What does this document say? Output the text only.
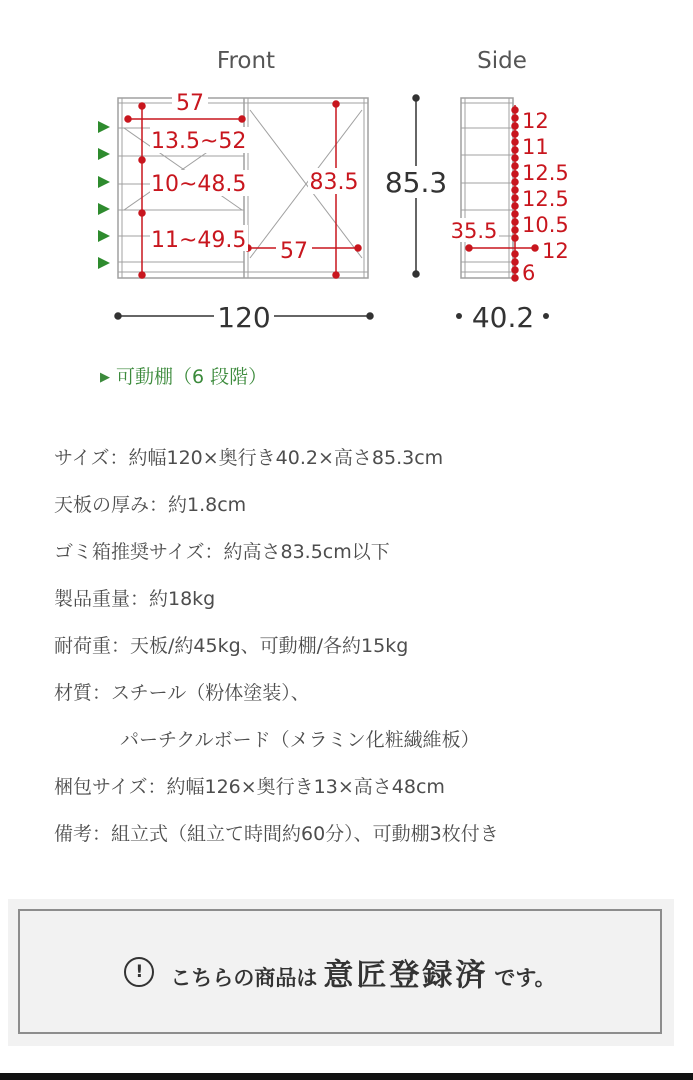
Front	Side
57
13.5~52
10~48.5
11~49.5 57
83.5 85.3
120
12
11
12.5
12.5
10.5
35.5
12
6
40.2
▶ 可動棚（6 段階）
サイズ：約幅120×奥行き40.2×高さ85.3cm
天板の厚み：約1.8cm
ゴミ箱推奨サイズ：約高さ83.5cm以下
製品重量：約18kg
耐荷重：天板/約45kg、可動棚/各約15kg
材質：スチール（粉体塗装）、
パーチクルボード（メラミン化粧繊維板）
梱包サイズ：約幅126×奥行き13×高さ48cm
備考：組立式（組立て時間約60分）、可動棚3枚付き
!	こちらの商品は 意匠登録済 です。
